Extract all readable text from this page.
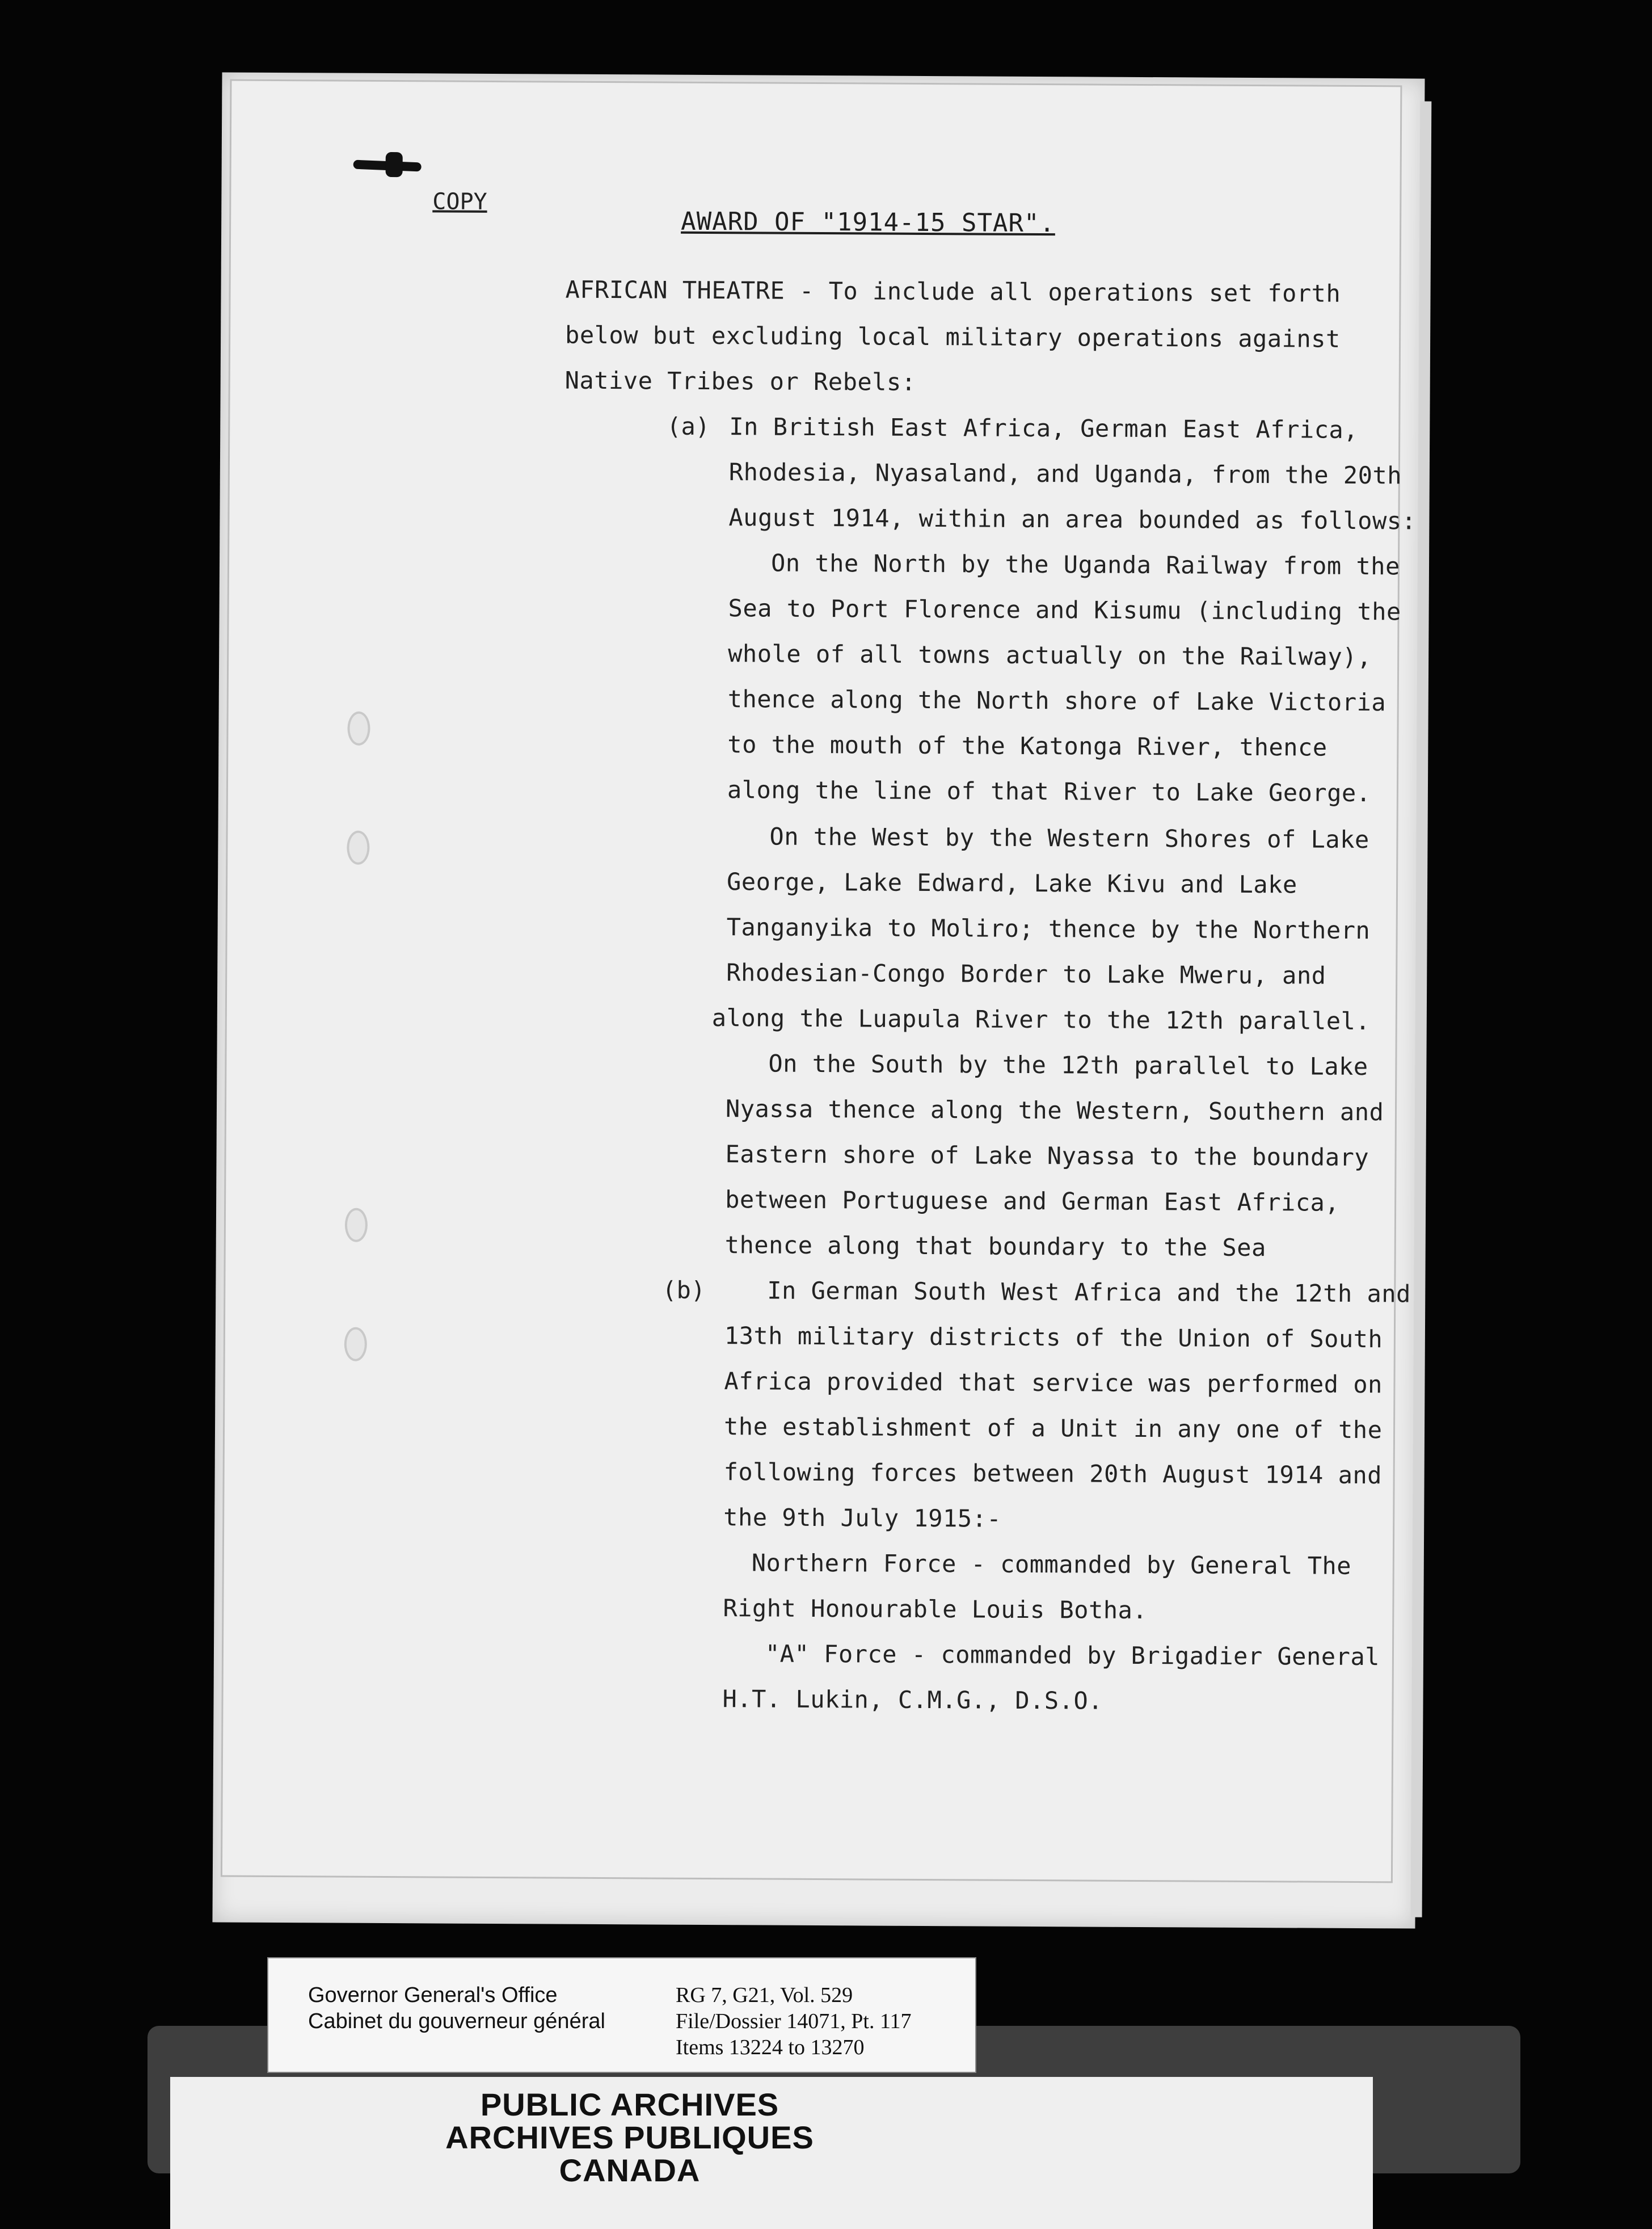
COPY
AWARD OF "1914-15 STAR".
AFRICAN THEATRE - To include all operations set forth
below but excluding local military operations against
Native Tribes or Rebels:
(a) In British East Africa, German East Africa,
Rhodesia, Nyasaland, and Uganda, from the 20th
August 1914, within an area bounded as follows:
On the North by the Uganda Railway from the
Sea to Port Florence and Kisumu (including the
whole of all towns actually on the Railway),
thence along the North shore of Lake Victoria
to the mouth of the Katonga River, thence
along the line of that River to Lake George.
On the West by the Western Shores of Lake
George, Lake Edward, Lake Kivu and Lake
Tanganyika to Moliro; thence by the Northern
Rhodesian-Congo Border to Lake Mweru, and
along the Luapula River to the 12th parallel.
On the South by the 12th parallel to Lake
Nyassa thence along the Western, Southern and
Eastern shore of Lake Nyassa to the boundary
between Portuguese and German East Africa,
thence along that boundary to the Sea
(b)	In German South West Africa and the 12th and
13th military districts of the Union of South
Africa provided that service was performed on
the establishment of a Unit in any one of the
following forces between 20th August 1914 and
the 9th July 1915:-
Northern Force - commanded by General The
Right Honourable Louis Botha.
"A" Force - commanded by Brigadier General
H.T. Lukin, C.M.G., D.S.O.
Governor General's Office
Cabinet du gouverneur général
RG 7, G21, Vol. 529
File/Dossier 14071, Pt. 117
Items 13224 to 13270
PUBLIC ARCHIVES
ARCHIVES PUBLIQUES
CANADA
